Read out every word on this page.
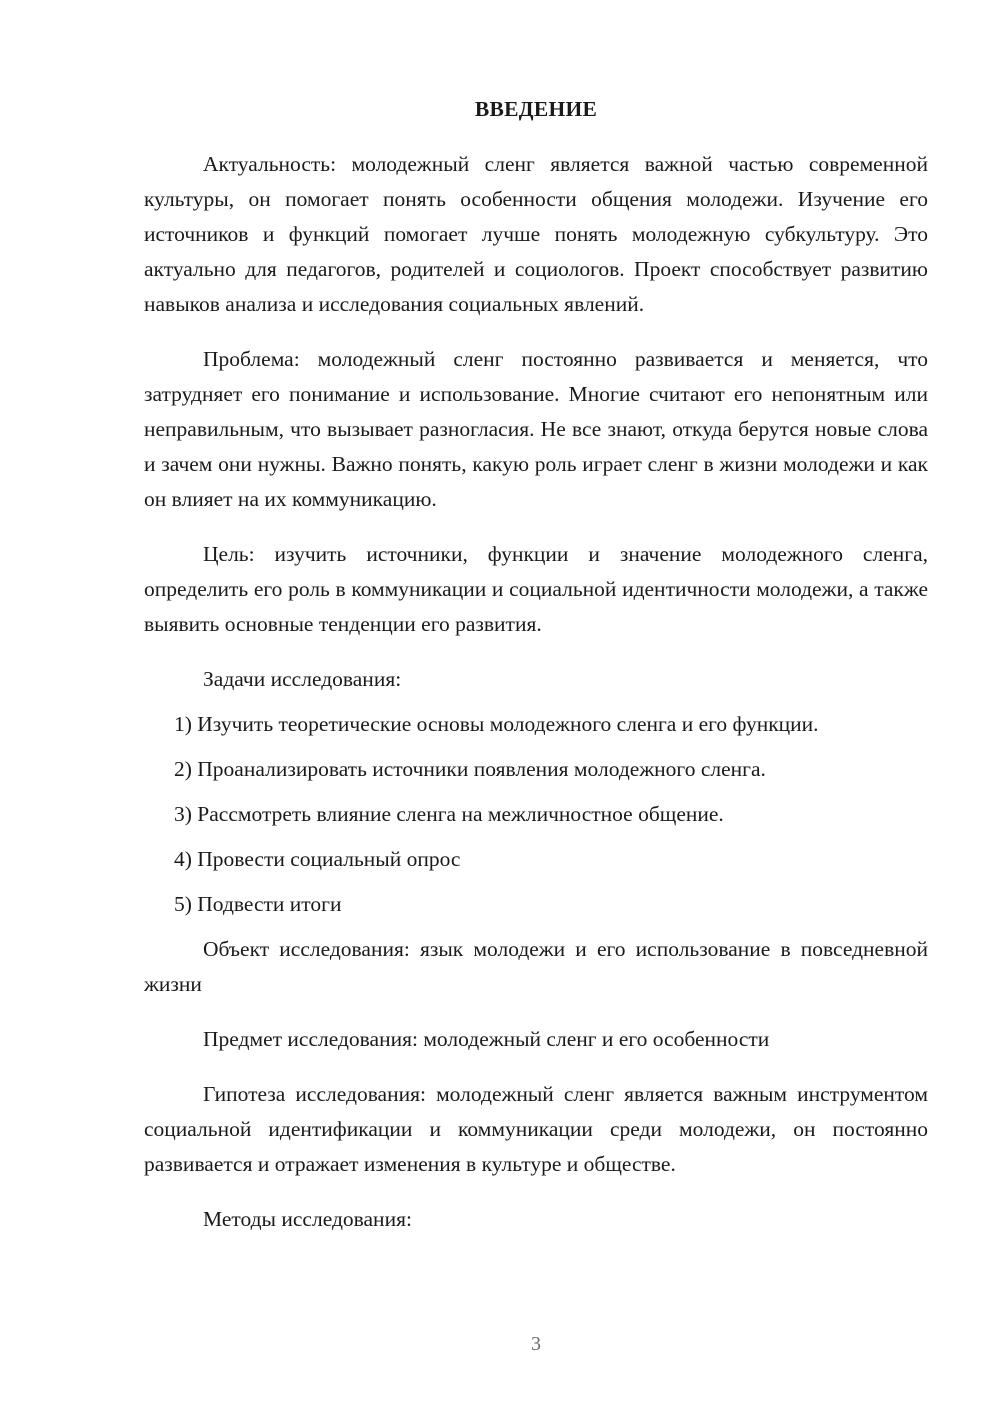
ВВЕДЕНИЕ

Актуальность: молодежный сленг является важной частью современной культуры, он помогает понять особенности общения молодежи. Изучение его источников и функций помогает лучше понять молодежную субкультуру. Это актуально для педагогов, родителей и социологов. Проект способствует развитию навыков анализа и исследования социальных явлений.

Проблема: молодежный сленг постоянно развивается и меняется, что затрудняет его понимание и использование. Многие считают его непонятным или неправильным, что вызывает разногласия. Не все знают, откуда берутся новые слова и зачем они нужны. Важно понять, какую роль играет сленг в жизни молодежи и как он влияет на их коммуникацию.

Цель: изучить источники, функции и значение молодежного сленга, определить его роль в коммуникации и социальной идентичности молодежи, а также выявить основные тенденции его развития.

Задачи исследования:

1) Изучить теоретические основы молодежного сленга и его функции.
2) Проанализировать источники появления молодежного сленга.
3) Рассмотреть влияние сленга на межличностное общение.
4) Провести социальный опрос
5) Подвести итоги

Объект исследования: язык молодежи и его использование в повседневной жизни

Предмет исследования: молодежный сленг и его особенности

Гипотеза исследования: молодежный сленг является важным инструментом социальной идентификации и коммуникации среди молодежи, он постоянно развивается и отражает изменения в культуре и обществе.

Методы исследования:

3
